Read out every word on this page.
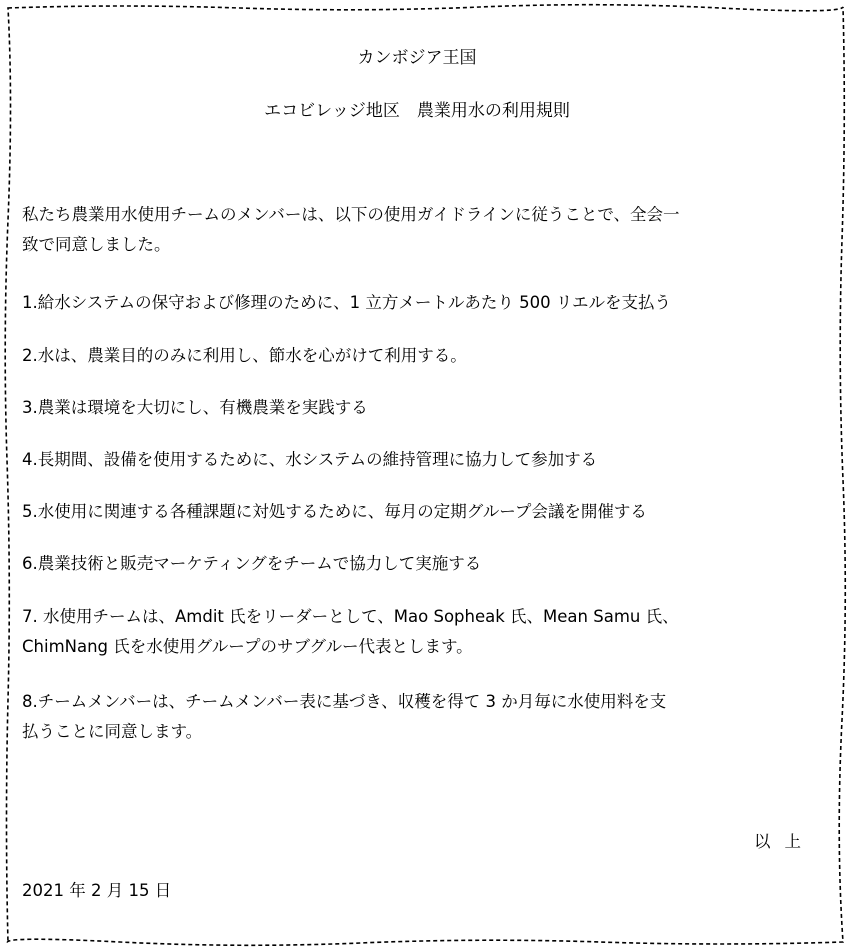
カンボジア王国
エコビレッジ地区　農業用水の利用規則
私たち農業用水使用チームのメンバーは、以下の使用ガイドラインに従うことで、全会一
致で同意しました。
1.給水システムの保守および修理のために、1 立方メートルあたり 500 リエルを支払う
2.水は、農業目的のみに利用し、節水を心がけて利用する。
3.農業は環境を大切にし、有機農業を実践する
4.長期間、設備を使用するために、水システムの維持管理に協力して参加する
5.水使用に関連する各種課題に対処するために、毎月の定期グループ会議を開催する
6.農業技術と販売マーケティングをチームで協力して実施する
7. 水使用チームは、Amdit 氏をリーダーとして、Mao Sopheak 氏、Mean Samu 氏、
ChimNang 氏を水使用グループのサブグルー代表とします。
8.チームメンバーは、チームメンバー表に基づき、収穫を得て 3 か月毎に水使用料を支
払うことに同意します。
以上
2021 年 2 月 15 日
